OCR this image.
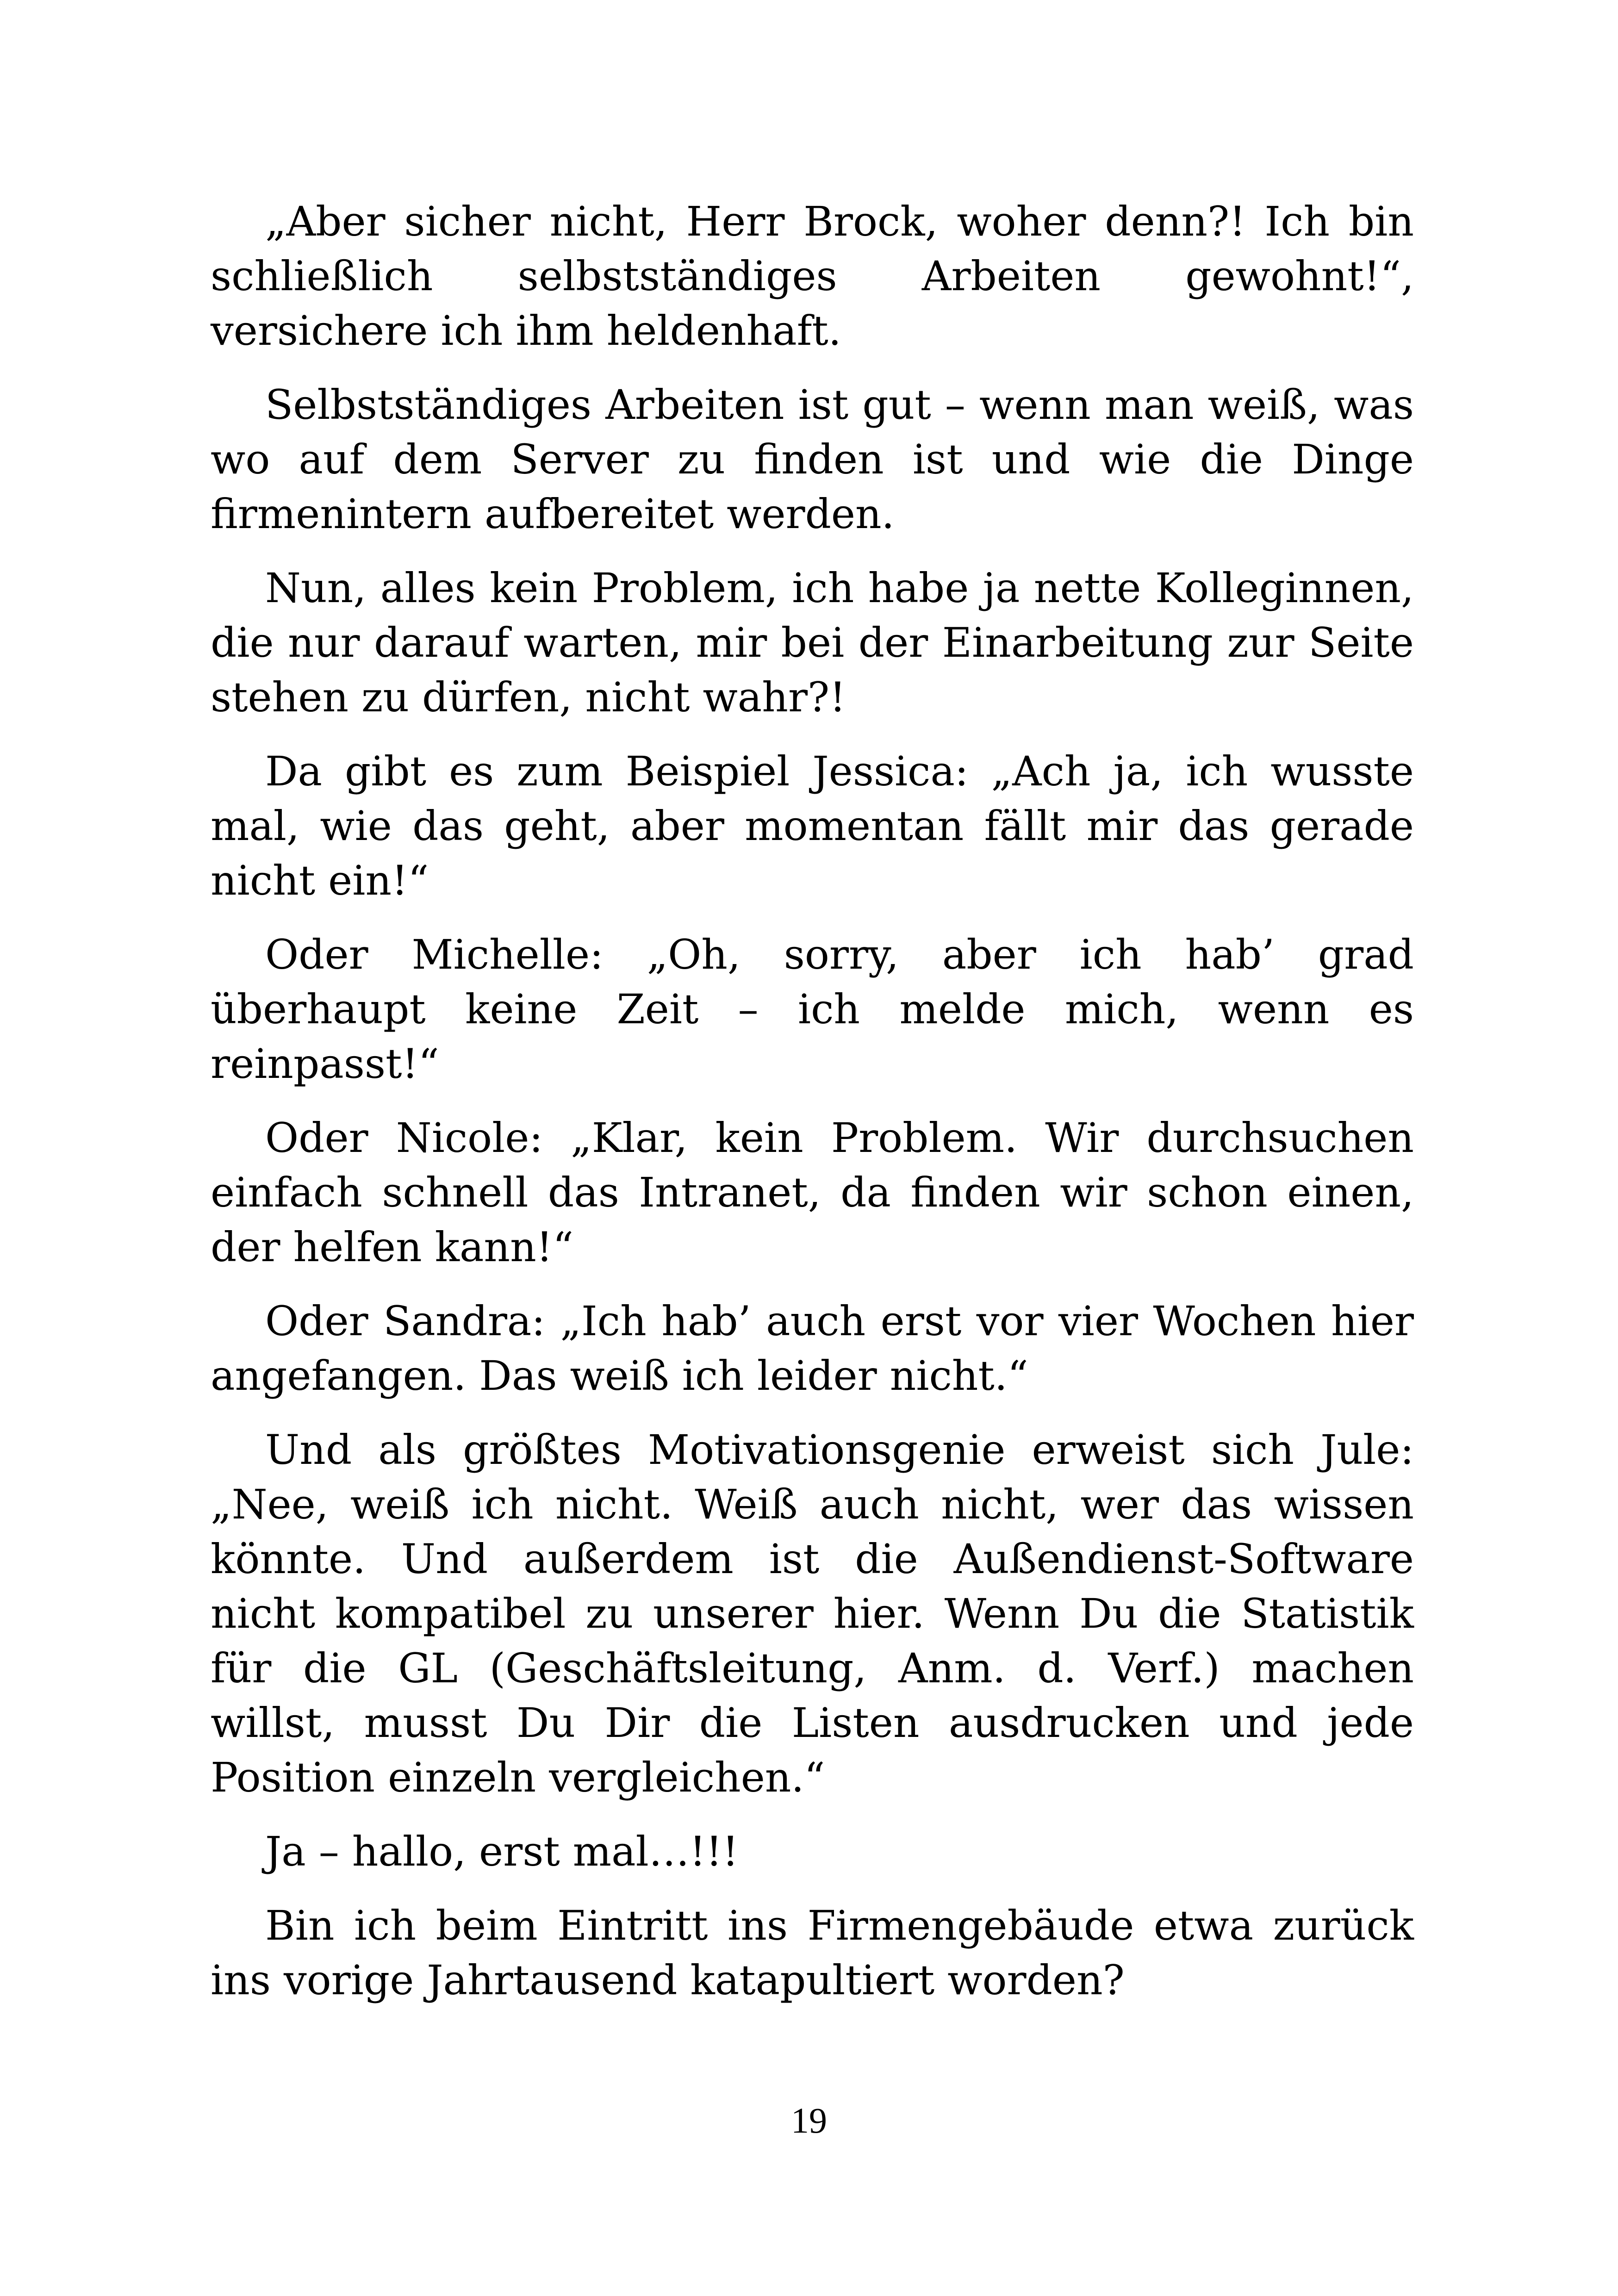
„Aber sicher nicht, Herr Brock, woher denn?! Ich bin schließlich selbstständiges Arbeiten gewohnt!“, versichere ich ihm heldenhaft.

Selbstständiges Arbeiten ist gut – wenn man weiß, was wo auf dem Server zu finden ist und wie die Dinge firmenintern aufbereitet werden.

Nun, alles kein Problem, ich habe ja nette Kolleginnen, die nur darauf warten, mir bei der Einarbeitung zur Seite stehen zu dürfen, nicht wahr?!

Da gibt es zum Beispiel Jessica: „Ach ja, ich wusste mal, wie das geht, aber momentan fällt mir das gerade nicht ein!“

Oder Michelle: „Oh, sorry, aber ich hab’ grad überhaupt keine Zeit – ich melde mich, wenn es reinpasst!“

Oder Nicole: „Klar, kein Problem. Wir durchsuchen einfach schnell das Intranet, da finden wir schon einen, der helfen kann!“

Oder Sandra: „Ich hab’ auch erst vor vier Wochen hier angefangen. Das weiß ich leider nicht.“

Und als größtes Motivationsgenie erweist sich Jule: „Nee, weiß ich nicht. Weiß auch nicht, wer das wissen könnte. Und außerdem ist die Außendienst-Software nicht kompatibel zu unserer hier. Wenn Du die Statistik für die GL (Geschäftsleitung, Anm. d. Verf.) machen willst, musst Du Dir die Listen ausdrucken und jede Position einzeln vergleichen.“

Ja – hallo, erst mal…!!!

Bin ich beim Eintritt ins Firmengebäude etwa zurück ins vorige Jahrtausend katapultiert worden?

19
